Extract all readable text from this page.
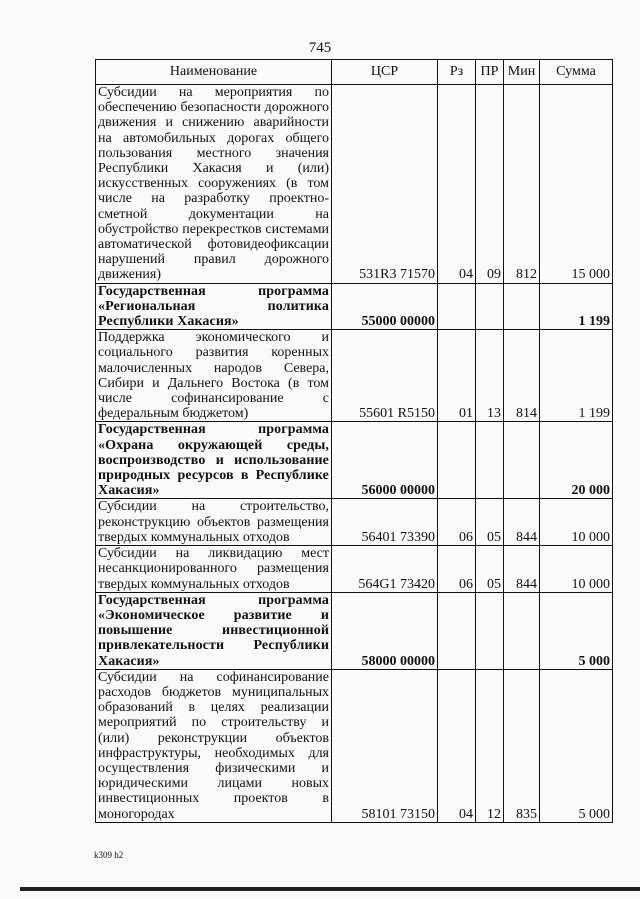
745
Наименование	ЦСР	Рз	ПР	Мин	Сумма
Субсидии на мероприятия по обеспечению безопасности дорожного движения и снижению аварийности на автомобильных дорогах общего пользования местного значения Республики Хакасия и (или) искусственных сооружениях (в том числе на разработку проектно-сметной документации на обустройство перекрестков системами автоматической фотовидеофиксации нарушений правил дорожного движения)	531R3 71570	04	09	812	15 000
Государственная программа «Региональная политика Республики Хакасия»	55000 00000				1 199
Поддержка экономического и социального развития коренных малочисленных народов Севера, Сибири и Дальнего Востока (в том числе софинансирование с федеральным бюджетом)	55601 R5150	01	13	814	1 199
Государственная программа «Охрана окружающей среды, воспроизводство и использование природных ресурсов в Республике Хакасия»	56000 00000				20 000
Субсидии на строительство, реконструкцию объектов размещения твердых коммунальных отходов	56401 73390	06	05	844	10 000
Субсидии на ликвидацию мест несанкционированного размещения твердых коммунальных отходов	564G1 73420	06	05	844	10 000
Государственная программа «Экономическое развитие и повышение инвестиционной привлекательности Республики Хакасия»	58000 00000				5 000
Субсидии на софинансирование расходов бюджетов муниципальных образований в целях реализации мероприятий по строительству и (или) реконструкции объектов инфраструктуры, необходимых для осуществления физическими и юридическими лицами новых инвестиционных проектов в моногородах	58101 73150	04	12	835	5 000
k309 h2
